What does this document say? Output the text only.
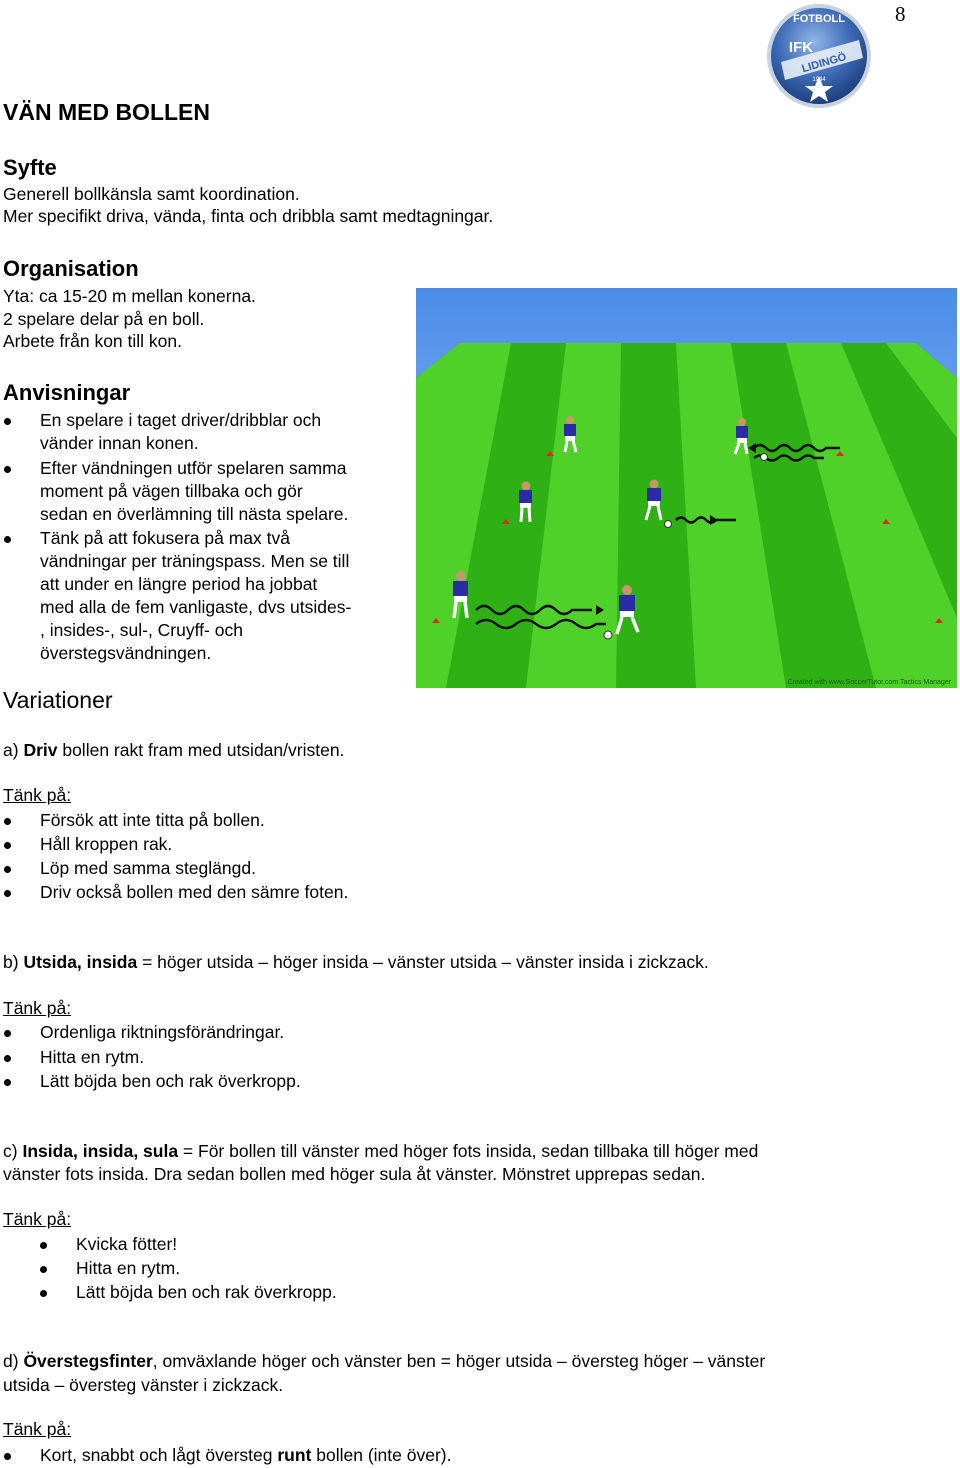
8
FOTBOLL
IFK
LIDINGÖ
1944
VÄN MED BOLLEN
Syfte
Generell bollkänsla samt koordination.
Mer specifikt driva, vända, finta och dribbla samt medtagningar.
Organisation
Yta: ca 15-20 m mellan konerna.
2 spelare delar på en boll.
Arbete från kon till kon.
Anvisningar
En spelare i taget driver/dribblar och
vänder innan konen.
Efter vändningen utför spelaren samma
moment på vägen tillbaka och gör
sedan en överlämning till nästa spelare.
Tänk på att fokusera på max två
vändningar per träningspass. Men se till
att under en längre period ha jobbat
med alla de fem vanligaste, dvs utsides-
, insides-, sul-, Cruyff- och
överstegsvändningen.
Created with www.SoccerTutor.com Tactics Manager
Variationer
a) Driv bollen rakt fram med utsidan/vristen.
Tänk på:
Försök att inte titta på bollen.
Håll kroppen rak.
Löp med samma steglängd.
Driv också bollen med den sämre foten.
b) Utsida, insida = höger utsida – höger insida – vänster utsida – vänster insida i zickzack.
Tänk på:
Ordenliga riktningsförändringar.
Hitta en rytm.
Lätt böjda ben och rak överkropp.
c) Insida, insida, sula = För bollen till vänster med höger fots insida, sedan tillbaka till höger med
vänster fots insida. Dra sedan bollen med höger sula åt vänster. Mönstret upprepas sedan.
Tänk på:
Kvicka fötter!
Hitta en rytm.
Lätt böjda ben och rak överkropp.
d) Överstegsfinter, omväxlande höger och vänster ben = höger utsida – översteg höger – vänster
utsida – översteg vänster i zickzack.
Tänk på:
Kort, snabbt och lågt översteg runt bollen (inte över).
